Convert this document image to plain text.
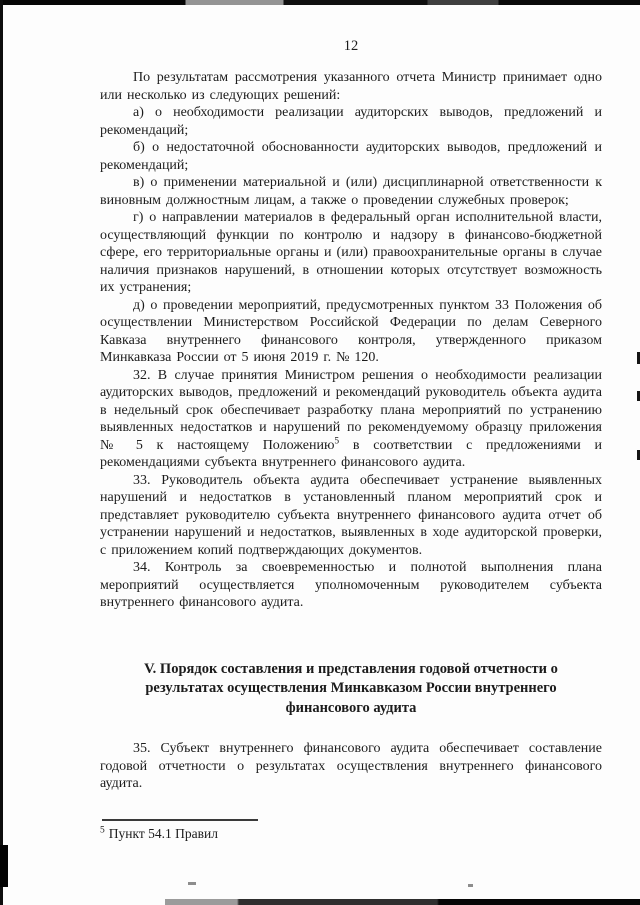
12

По результатам рассмотрения указанного отчета Министр принимает одно или несколько из следующих решений:

а) о необходимости реализации аудиторских выводов, предложений и рекомендаций;

б) о недостаточной обоснованности аудиторских выводов, предложений и рекомендаций;

в) о применении материальной и (или) дисциплинарной ответственности к виновным должностным лицам, а также о проведении служебных проверок;

г) о направлении материалов в федеральный орган исполнительной власти, осуществляющий функции по контролю и надзору в финансово-бюджетной сфере, его территориальные органы и (или) правоохранительные органы в случае наличия признаков нарушений, в отношении которых отсутствует возможность их устранения;

д) о проведении мероприятий, предусмотренных пунктом 33 Положения об осуществлении Министерством Российской Федерации по делам Северного Кавказа внутреннего финансового контроля, утвержденного приказом Минкавказа России от 5 июня 2019 г. № 120.

32. В случае принятия Министром решения о необходимости реализации аудиторских выводов, предложений и рекомендаций руководитель объекта аудита в недельный срок обеспечивает разработку плана мероприятий по устранению выявленных недостатков и нарушений по рекомендуемому образцу приложения № 5 к настоящему Положению$^5$ в соответствии с предложениями и рекомендациями субъекта внутреннего финансового аудита.

33. Руководитель объекта аудита обеспечивает устранение выявленных нарушений и недостатков в установленный планом мероприятий срок и представляет руководителю субъекта внутреннего финансового аудита отчет об устранении нарушений и недостатков, выявленных в ходе аудиторской проверки, с приложением копий подтверждающих документов.

34. Контроль за своевременностью и полнотой выполнения плана мероприятий осуществляется уполномоченным руководителем субъекта внутреннего финансового аудита.

V. Порядок составления и представления годовой отчетности о результатах осуществления Минкавказом России внутреннего финансового аудита

35. Субъект внутреннего финансового аудита обеспечивает составление годовой отчетности о результатах осуществления внутреннего финансового аудита.

$^5$ Пункт 54.1 Правил
